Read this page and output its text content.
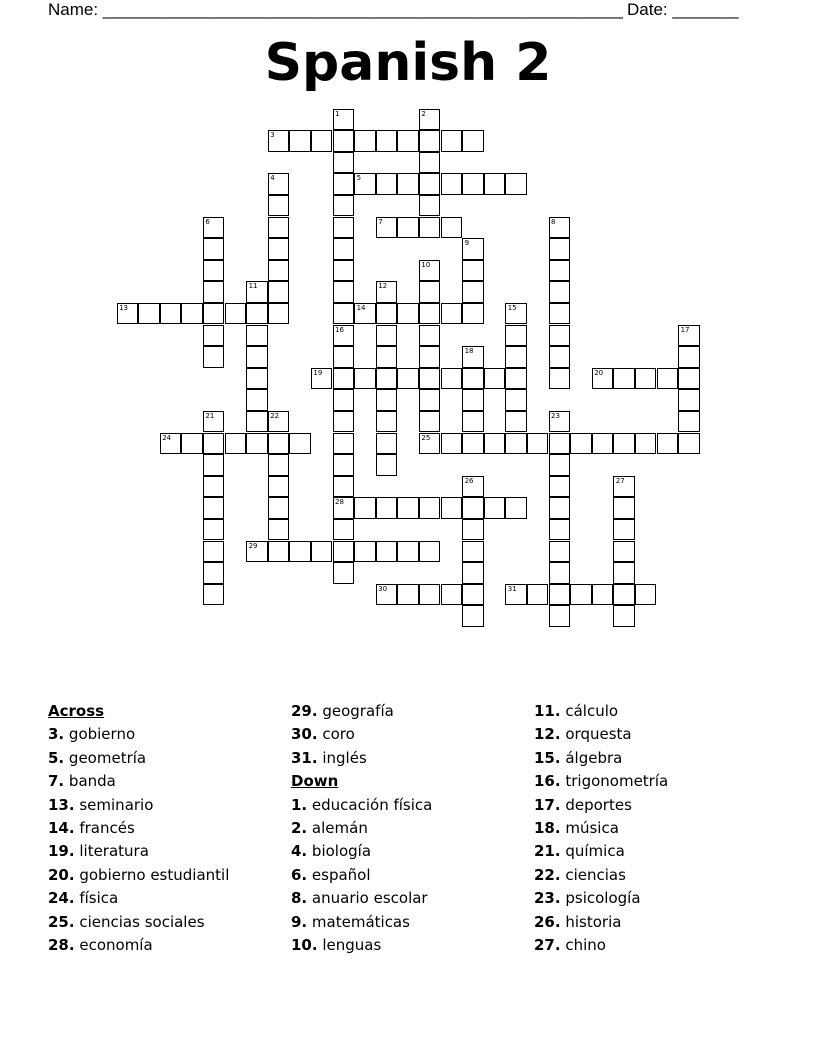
Name: _______________________________________________________ Date: _______
Spanish 2
1
16
2
3
4	5
6	7	8
9
10
25
11	12
13	14	15
28
17
18
19	20
21	22	23
24
26	27
29
30	31
Across
3. gobierno
5. geometría
7. banda
13. seminario
14. francés
19. literatura
20. gobierno estudiantil
24. física
25. ciencias sociales
28. economía
29. geografía
30. coro
31. inglés
Down
1. educación física
2. alemán
4. biología
6. español
8. anuario escolar
9. matemáticas
10. lenguas
11. cálculo
12. orquesta
15. álgebra
16. trigonometría
17. deportes
18. música
21. química
22. ciencias
23. psicología
26. historia
27. chino
